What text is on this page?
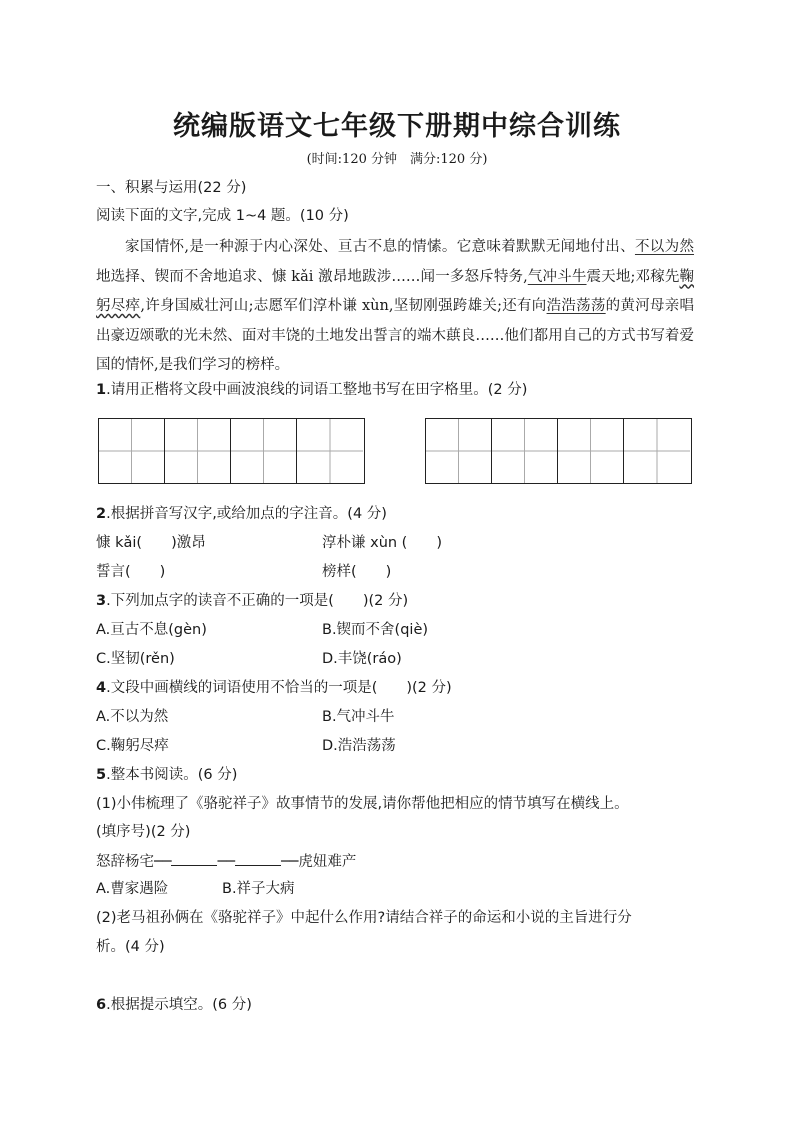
统编版语文七年级下册期中综合训练
(时间:120 分钟　满分:120 分)
一、积累与运用(22 分)
阅读下面的文字,完成 1~4 题。(10 分)
家国情怀,是一种源于内心深处、亘古不息的情愫。它意味着默默无闻地付出、不以为然地选择、锲而不舍地追求、慷 kǎi 激昂地跋涉……闻一多怒斥特务,气冲斗牛震天地;邓稼先鞠躬尽瘁,许身国威壮河山;志愿军们淳朴谦 xùn,坚韧刚强跨雄关;还有向浩浩荡荡的黄河母亲唱出豪迈颂歌的光未然、面对丰饶的土地发出誓言的端木蕻良……他们都用自己的方式书写着爱国的情怀,是我们学习的榜样。
1.请用正楷将文段中画波浪线的词语工整地书写在田字格里。(2 分)
2.根据拼音写汉字,或给加点的字注音。(4 分)
慷 kǎi(　　)激昂	淳朴谦 xùn (　　)
誓言(　　)	榜样(　　)
3.下列加点字的读音不正确的一项是(　　)(2 分)
A.亘古不息(gèn)	B.锲而不舍(qiè)
C.坚韧(rěn)	D.丰饶(ráo)
4.文段中画横线的词语使用不恰当的一项是(　　)(2 分)
A.不以为然	B.气冲斗牛
C.鞠躬尽瘁	D.浩浩荡荡
5.整本书阅读。(6 分)
(1)小伟梳理了《骆驼祥子》故事情节的发展,请你帮他把相应的情节填写在横线上。
(填序号)(2 分)
怒辞杨宅──	──	──虎妞难产
A.曹家遇险	B.祥子大病
(2)老马祖孙俩在《骆驼祥子》中起什么作用?请结合祥子的命运和小说的主旨进行分
析。(4 分)
6.根据提示填空。(6 分)
